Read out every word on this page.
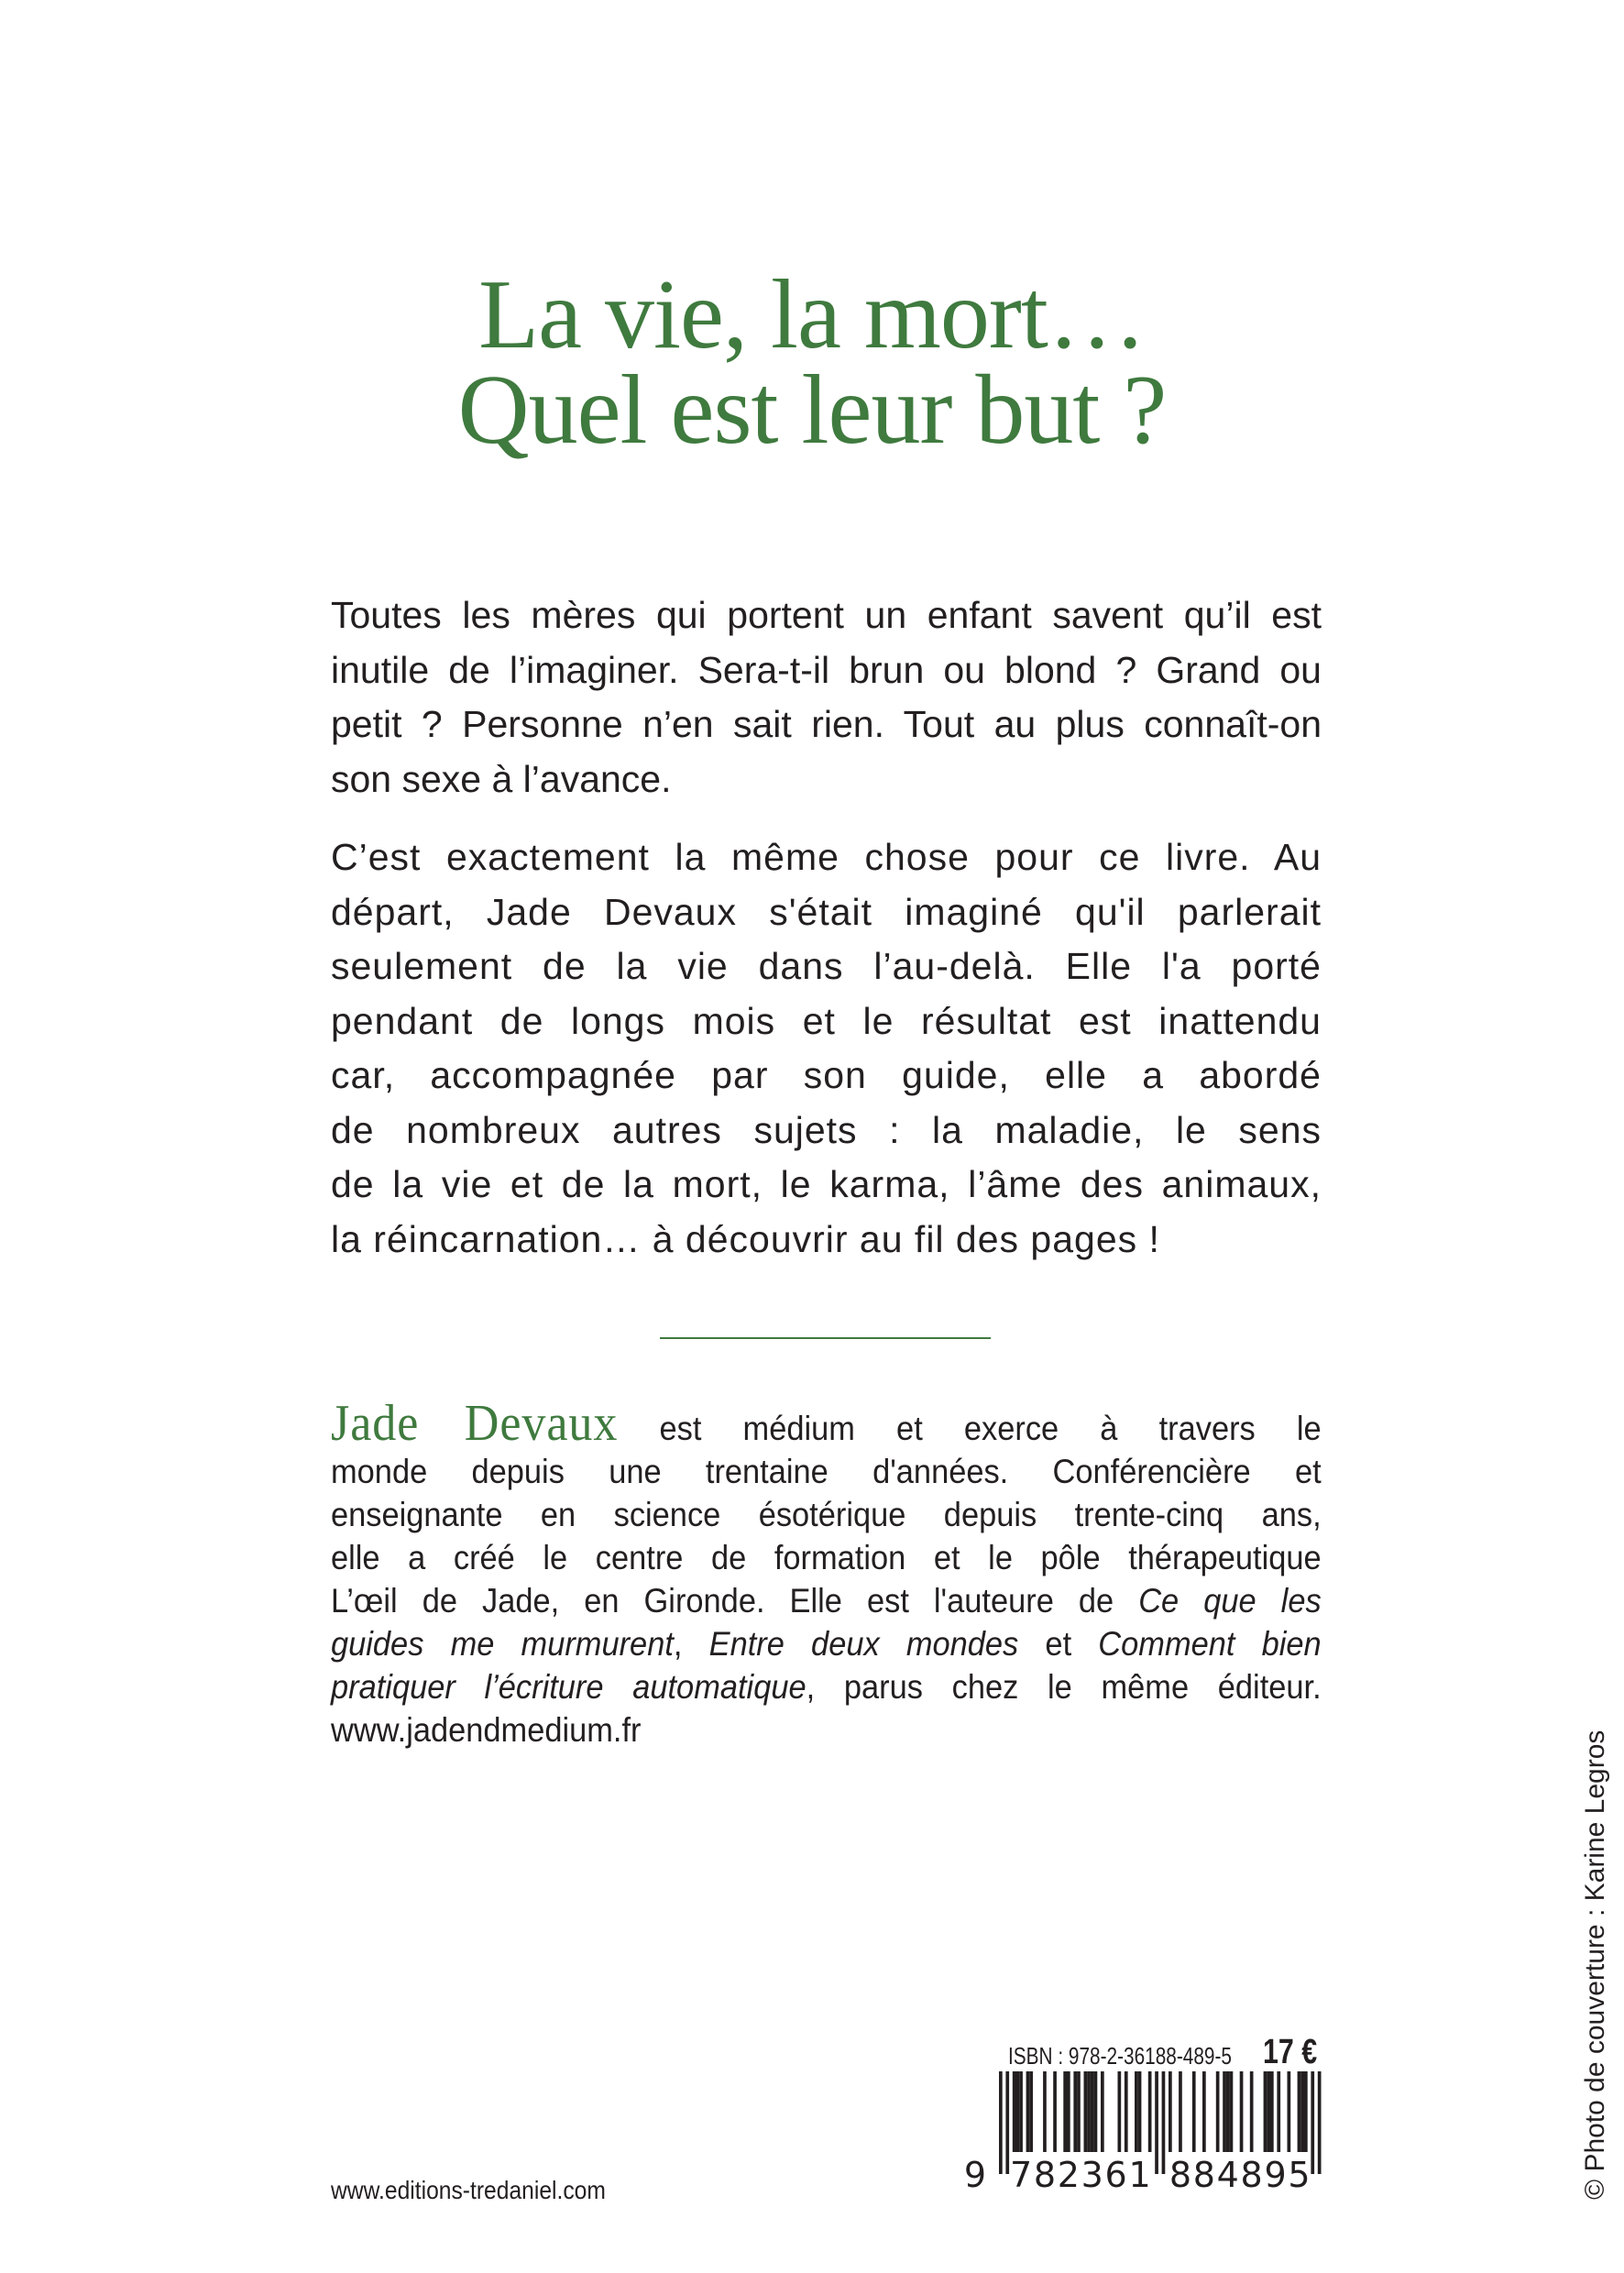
La vie, la mort…
Quel est leur but ?
Toutes les mères qui portent un enfant savent qu’il est
inutile de l’imaginer. Sera-t-il brun ou blond ? Grand ou
petit ? Personne n’en sait rien. Tout au plus connaît-on
son sexe à l’avance.
C’est exactement la même chose pour ce livre. Au
départ, Jade Devaux s'était imaginé qu'il parlerait
seulement de la vie dans l’au-delà. Elle l'a porté
pendant de longs mois et le résultat est inattendu
car, accompagnée par son guide, elle a abordé
de nombreux autres sujets : la maladie, le sens
de la vie et de la mort, le karma, l’âme des animaux,
la réincarnation… à découvrir au fil des pages !
Jade Devaux est médium et exerce à travers le
monde depuis une trentaine d'années. Conférencière et
enseignante en science ésotérique depuis trente-cinq ans,
elle a créé le centre de formation et le pôle thérapeutique
L’œil de Jade, en Gironde. Elle est l'auteure de Ce que les
guides me murmurent, Entre deux mondes et Comment bien
pratiquer l’écriture automatique, parus chez le même éditeur.
www.jadendmedium.fr
ISBN : 978-2-36188-489-5 17 €
9 7 8 2 3 6 1 8 8 4 8 9 5
www.editions-tredaniel.com	© Photo de couverture : Karine Legros
